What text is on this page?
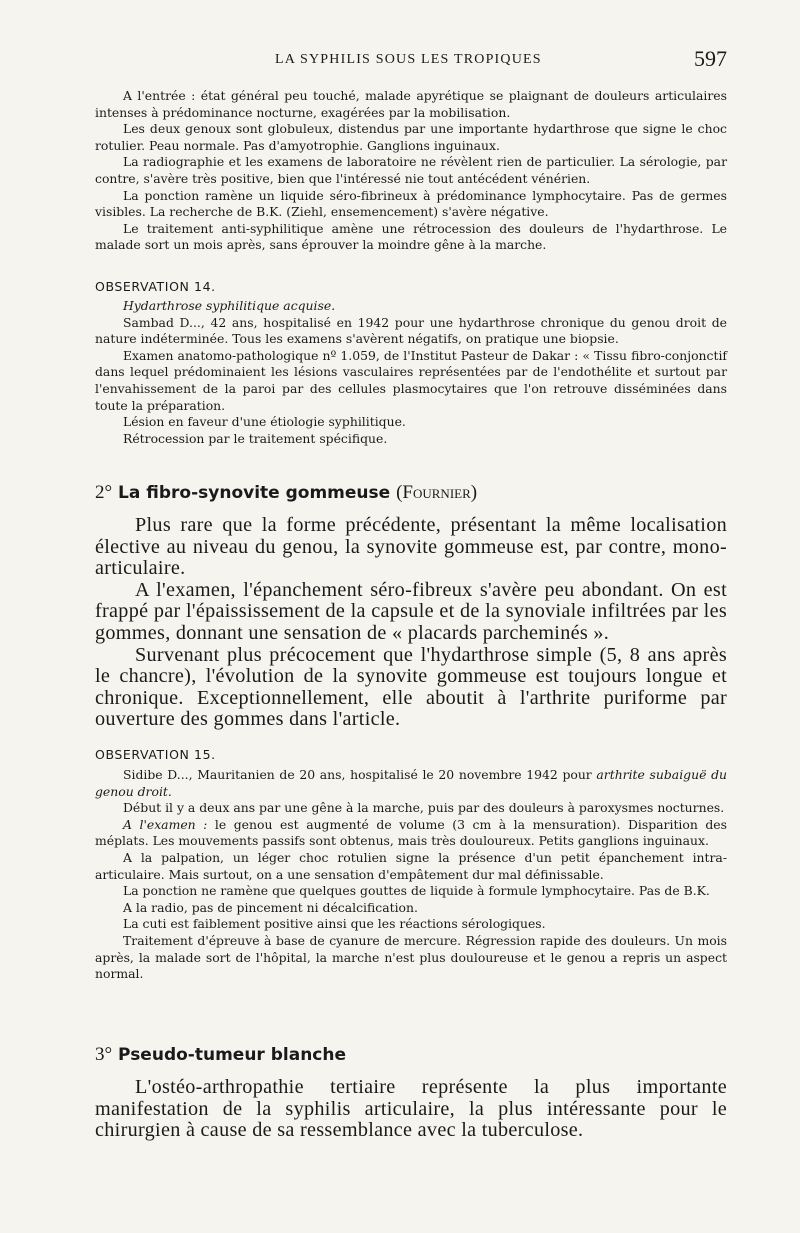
LA SYPHILIS SOUS LES TROPIQUES	597

A l'entrée : état général peu touché, malade apyrétique se plaignant de douleurs articulaires intenses à prédominance nocturne, exagérées par la mobilisation.

Les deux genoux sont globuleux, distendus par une importante hydarthrose que signe le choc rotulier. Peau normale. Pas d'amyotrophie. Ganglions inguinaux.

La radiographie et les examens de laboratoire ne révèlent rien de particulier. La sérologie, par contre, s'avère très positive, bien que l'intéressé nie tout antécédent vénérien.

La ponction ramène un liquide séro-fibrineux à prédominance lymphocytaire. Pas de germes visibles. La recherche de B.K. (Ziehl, ensemencement) s'avère négative.

Le traitement anti-syphilitique amène une rétrocession des douleurs de l'hydarthrose. Le malade sort un mois après, sans éprouver la moindre gêne à la marche.

OBSERVATION 14.

Hydarthrose syphilitique acquise.

Sambad D..., 42 ans, hospitalisé en 1942 pour une hydarthrose chronique du genou droit de nature indéterminée. Tous les examens s'avèrent négatifs, on pratique une biopsie.

Examen anatomo-pathologique nº 1.059, de l'Institut Pasteur de Dakar : « Tissu fibro-conjonctif dans lequel prédominaient les lésions vasculaires représentées par de l'endothélite et surtout par l'envahissement de la paroi par des cellules plasmocytaires que l'on retrouve disséminées dans toute la préparation.

Lésion en faveur d'une étiologie syphilitique.

Rétrocession par le traitement spécifique.

2° La fibro-synovite gommeuse (Fournier)

Plus rare que la forme précédente, présentant la même localisation élective au niveau du genou, la synovite gommeuse est, par contre, mono-articulaire.

A l'examen, l'épanchement séro-fibreux s'avère peu abondant. On est frappé par l'épaississement de la capsule et de la synoviale infiltrées par les gommes, donnant une sensation de « placards parcheminés ».

Survenant plus précocement que l'hydarthrose simple (5, 8 ans après le chancre), l'évolution de la synovite gommeuse est toujours longue et chronique. Exceptionnellement, elle aboutit à l'arthrite puriforme par ouverture des gommes dans l'article.

OBSERVATION 15.

Sidibe D..., Mauritanien de 20 ans, hospitalisé le 20 novembre 1942 pour arthrite subaiguë du genou droit.

Début il y a deux ans par une gêne à la marche, puis par des douleurs à paroxysmes nocturnes.

A l'examen : le genou est augmenté de volume (3 cm à la mensuration). Disparition des méplats. Les mouvements passifs sont obtenus, mais très douloureux. Petits ganglions inguinaux.

A la palpation, un léger choc rotulien signe la présence d'un petit épanchement intra-articulaire. Mais surtout, on a une sensation d'empâtement dur mal définissable.

La ponction ne ramène que quelques gouttes de liquide à formule lymphocytaire. Pas de B.K.

A la radio, pas de pincement ni décalcification.

La cuti est faiblement positive ainsi que les réactions sérologiques.

Traitement d'épreuve à base de cyanure de mercure. Régression rapide des douleurs. Un mois après, la malade sort de l'hôpital, la marche n'est plus douloureuse et le genou a repris un aspect normal.

3° Pseudo-tumeur blanche

L'ostéo-arthropathie tertiaire représente la plus importante manifestation de la syphilis articulaire, la plus intéressante pour le chirurgien à cause de sa ressemblance avec la tuberculose.
